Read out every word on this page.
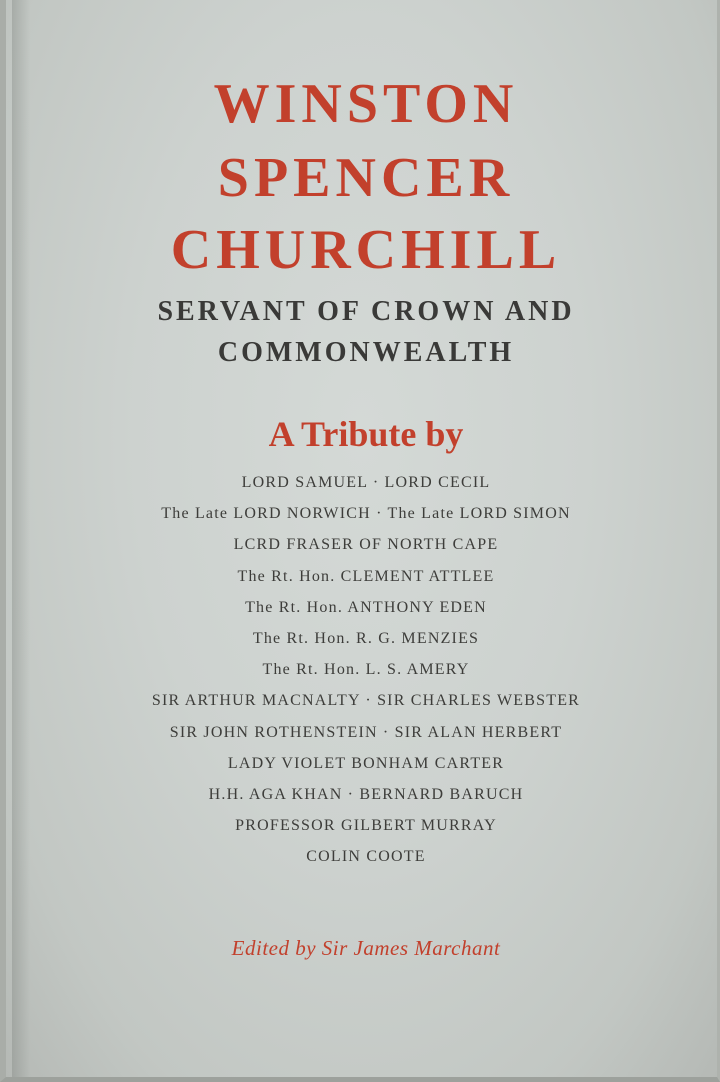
WINSTON
SPENCER
CHURCHILL
SERVANT OF CROWN AND
COMMONWEALTH
A Tribute by
LORD SAMUEL · LORD CECIL
The Late LORD NORWICH · The Late LORD SIMON
LCRD FRASER OF NORTH CAPE
The Rt. Hon. CLEMENT ATTLEE
The Rt. Hon. ANTHONY EDEN
The Rt. Hon. R. G. MENZIES
The Rt. Hon. L. S. AMERY
SIR ARTHUR MACNALTY · SIR CHARLES WEBSTER
SIR JOHN ROTHENSTEIN · SIR ALAN HERBERT
LADY VIOLET BONHAM CARTER
H.H. AGA KHAN · BERNARD BARUCH
PROFESSOR GILBERT MURRAY
COLIN COOTE

Edited by Sir James Marchant
